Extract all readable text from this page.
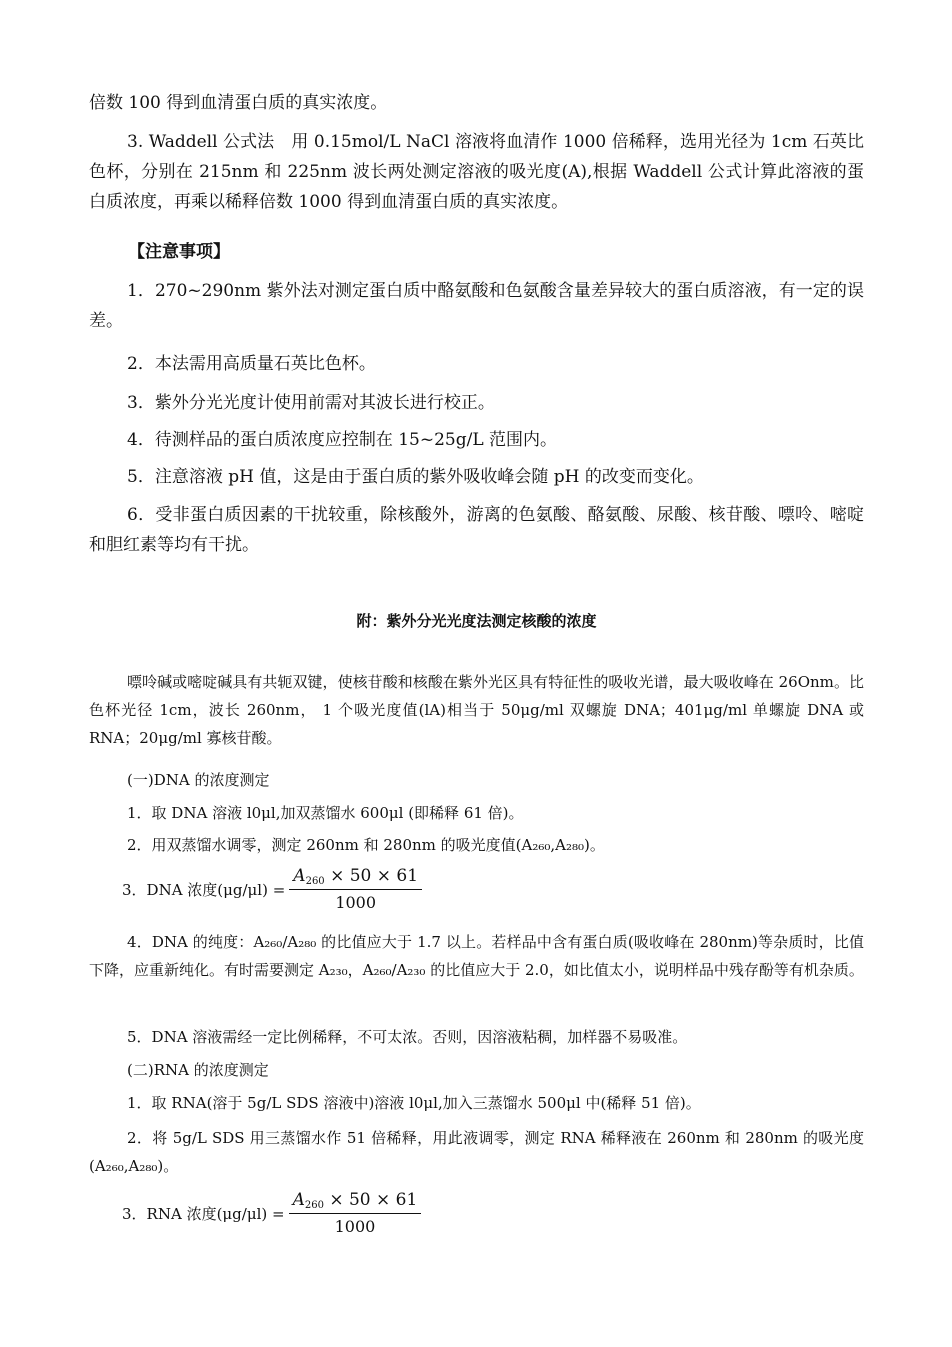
倍数 100 得到血清蛋白质的真实浓度。
3. Waddell 公式法　用 0.15mol/L NaCl 溶液将血清作 1000 倍稀释，选用光径为 1cm 石英比色杯，分别在 215nm 和 225nm 波长两处测定溶液的吸光度(A),根据 Waddell 公式计算此溶液的蛋白质浓度，再乘以稀释倍数 1000 得到血清蛋白质的真实浓度。
【注意事项】
1．270~290nm 紫外法对测定蛋白质中酪氨酸和色氨酸含量差异较大的蛋白质溶液，有一定的误差。
2．本法需用高质量石英比色杯。
3．紫外分光光度计使用前需对其波长进行校正。
4．待测样品的蛋白质浓度应控制在 15~25g/L 范围内。
5．注意溶液 pH 值，这是由于蛋白质的紫外吸收峰会随 pH 的改变而变化。
6．受非蛋白质因素的干扰较重，除核酸外，游离的色氨酸、酪氨酸、尿酸、核苷酸、嘌呤、嘧啶和胆红素等均有干扰。
附：紫外分光光度法测定核酸的浓度
嘌呤碱或嘧啶碱具有共轭双键，使核苷酸和核酸在紫外光区具有特征性的吸收光谱，最大吸收峰在 26Onm。比色杯光径 1cm，波长 260nm， 1 个吸光度值(lA)相当于 50μg/ml 双螺旋 DNA；401μg/ml 单螺旋 DNA 或 RNA；20μg/ml 寡核苷酸。
(一)DNA 的浓度测定
1．取 DNA 溶液 l0μl,加双蒸馏水 600μl (即稀释 61 倍)。
2．用双蒸馏水调零，测定 260nm 和 280nm 的吸光度值(A₂₆₀,A₂₈₀)。
3．DNA 浓度$(\mu g/\mu l) = \frac{A_{260} \times 50 \times 61}{1000}$
4．DNA 的纯度：A₂₆₀/A₂₈₀ 的比值应大于 1.7 以上。若样品中含有蛋白质(吸收峰在 280nm)等杂质时，比值下降，应重新纯化。有时需要测定 A₂₃₀，A₂₆₀/A₂₃₀ 的比值应大于 2.0，如比值太小，说明样品中残存酚等有机杂质。
5．DNA 溶液需经一定比例稀释，不可太浓。否则，因溶液粘稠，加样器不易吸准。
(二)RNA 的浓度测定
1．取 RNA(溶于 5g/L SDS 溶液中)溶液 l0μl,加入三蒸馏水 500μl 中(稀释 51 倍)。
2．将 5g/L SDS 用三蒸馏水作 51 倍稀释，用此液调零，测定 RNA 稀释液在 260nm 和 280nm 的吸光度(A₂₆₀,A₂₈₀)。
3．RNA 浓度$(\mu g/\mu l) = \frac{A_{260} \times 50 \times 61}{1000}$
